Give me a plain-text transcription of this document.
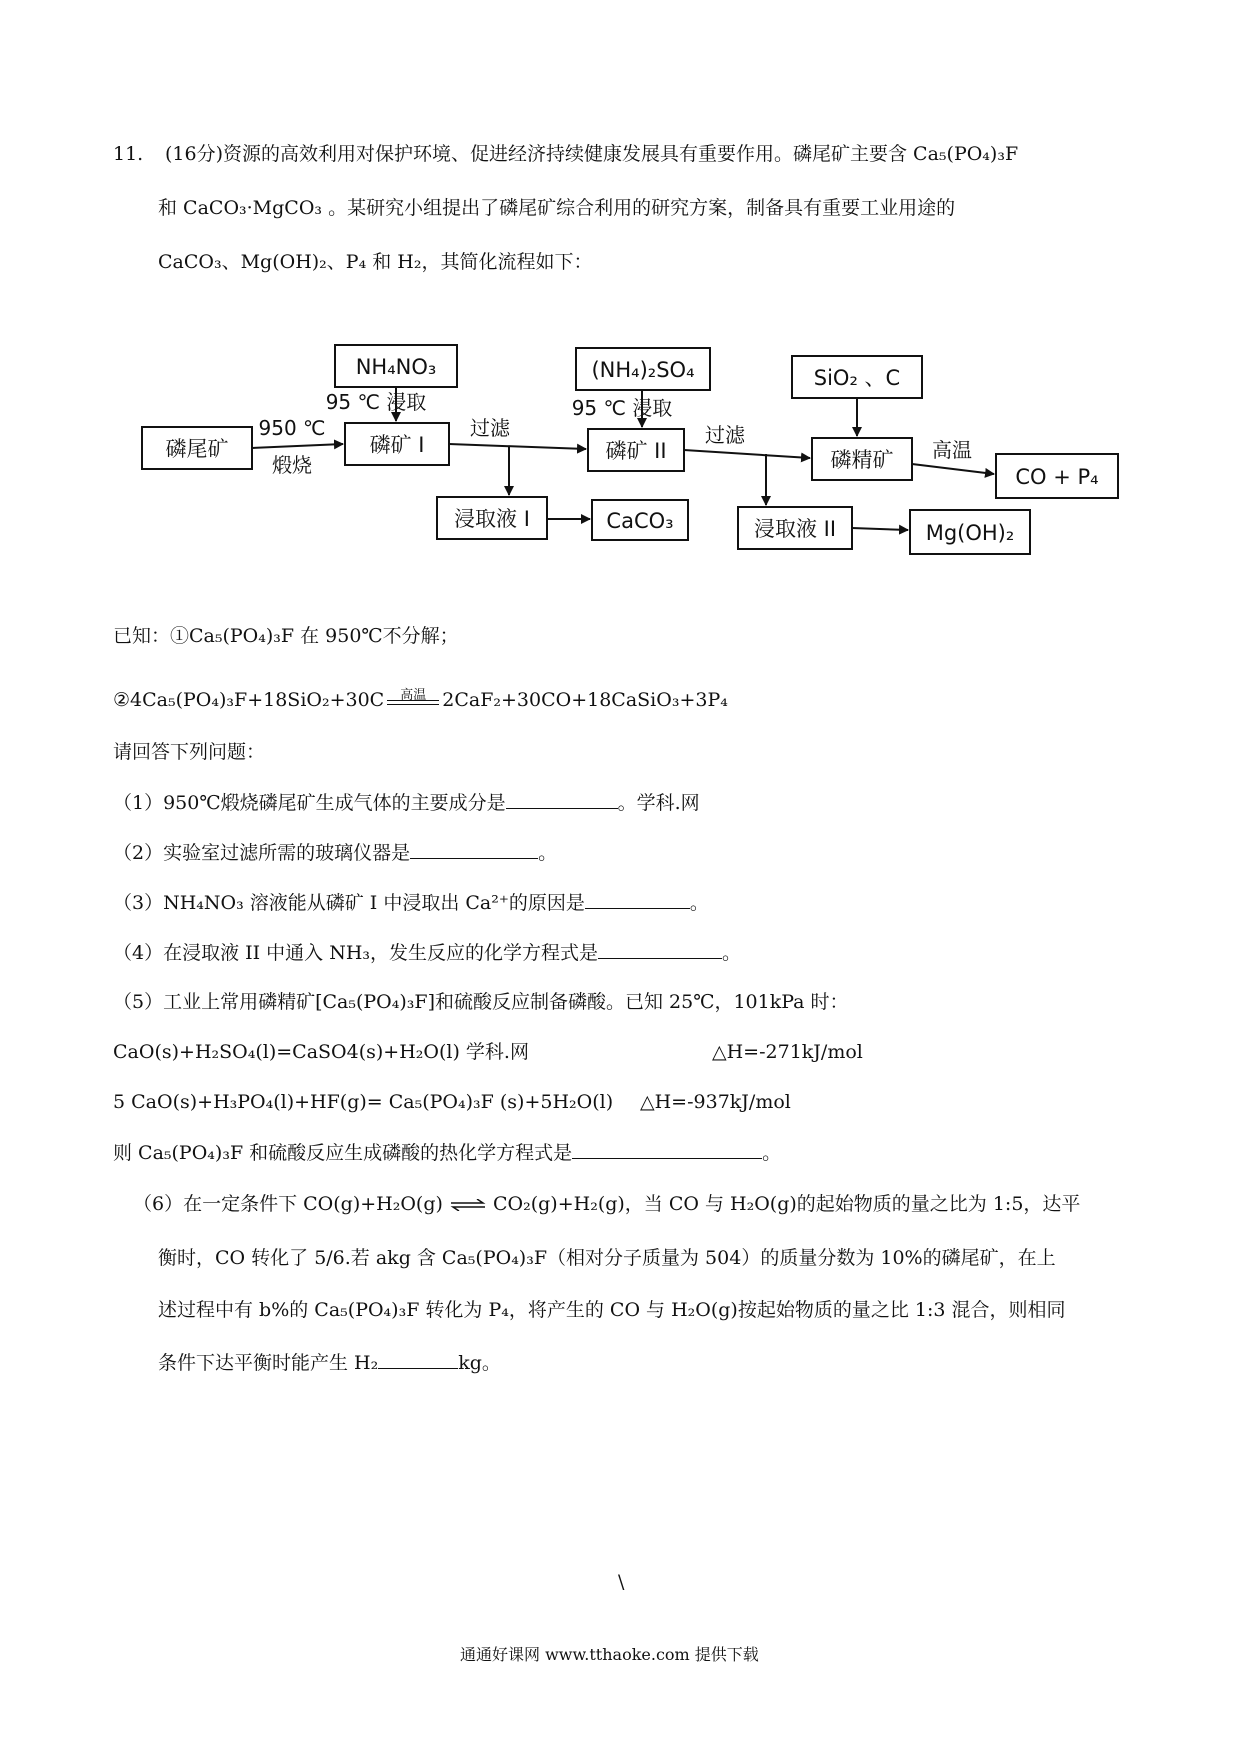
11. (16分)资源的高效利用对保护环境、促进经济持续健康发展具有重要作用。磷尾矿主要含 Ca₅(PO₄)₃F
和 CaCO₃·MgCO₃ 。某研究小组提出了磷尾矿综合利用的研究方案，制备具有重要工业用途的
CaCO₃、Mg(OH)₂、P₄ 和 H₂，其简化流程如下：
磷尾矿
NH₄NO₃
磷矿 I
浸取液 I	CaCO₃
(NH₄)₂SO₄
磷矿 II
浸取液 II	Mg(OH)₂
SiO₂ 、C
磷精矿
CO + P₄
950 ℃
煅烧
95 ℃ 浸取
过滤
95 ℃ 浸取
过滤
高温
已知：①Ca₅(PO₄)₃F 在 950℃不分解；
②4Ca₅(PO₄)₃F+18SiO₂+30C	高温 2CaF₂+30CO+18CaSiO₃+3P₄
请回答下列问题：
（1）950℃煅烧磷尾矿生成气体的主要成分是	。学科.网
（2）实验室过滤所需的玻璃仪器是	。
（3）NH₄NO₃ 溶液能从磷矿 I 中浸取出 Ca²⁺的原因是	。
（4）在浸取液 II 中通入 NH₃，发生反应的化学方程式是	。
（5）工业上常用磷精矿[Ca₅(PO₄)₃F]和硫酸反应制备磷酸。已知 25℃，101kPa 时：
CaO(s)+H₂SO₄(l)=CaSO4(s)+H₂O(l) 学科.网	△H=-271kJ/mol
5 CaO(s)+H₃PO₄(l)+HF(g)= Ca₅(PO₄)₃F (s)+5H₂O(l) △H=-937kJ/mol
则 Ca₅(PO₄)₃F 和硫酸反应生成磷酸的热化学方程式是	。
（6）在一定条件下 CO(g)+H₂O(g) ⇌ CO₂(g)+H₂(g)，当 CO 与 H₂O(g)的起始物质的量之比为 1:5，达平
衡时，CO 转化了 5/6.若 akg 含 Ca₅(PO₄)₃F（相对分子质量为 504）的质量分数为 10%的磷尾矿，在上
述过程中有 b%的 Ca₅(PO₄)₃F 转化为 P₄，将产生的 CO 与 H₂O(g)按起始物质的量之比 1:3 混合，则相同
条件下达平衡时能产生 H₂	kg。
\
通通好课网 www.tthaoke.com 提供下载
